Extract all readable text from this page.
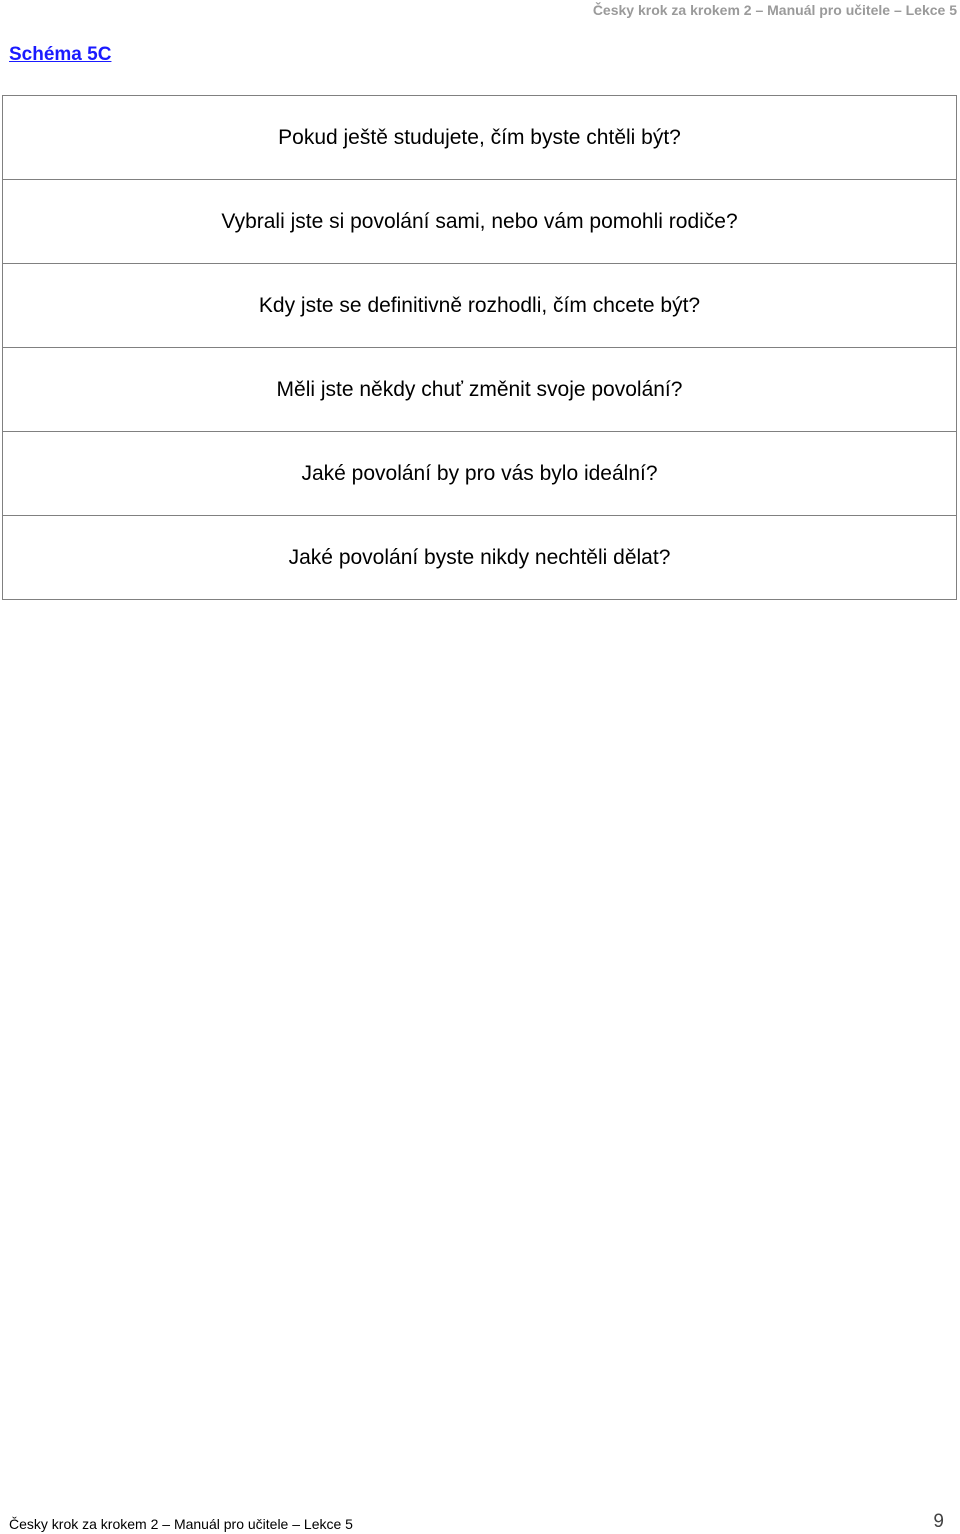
Česky krok za krokem 2 – Manuál pro učitele – Lekce 5
Schéma 5C
Pokud ještě studujete, čím byste chtěli být?
Vybrali jste si povolání sami, nebo vám pomohli rodiče?
Kdy jste se definitivně rozhodli, čím chcete být?
Měli jste někdy chuť změnit svoje povolání?
Jaké povolání by pro vás bylo ideální?
Jaké povolání byste nikdy nechtěli dělat?
Česky krok za krokem 2 – Manuál pro učitele – Lekce 5	9
